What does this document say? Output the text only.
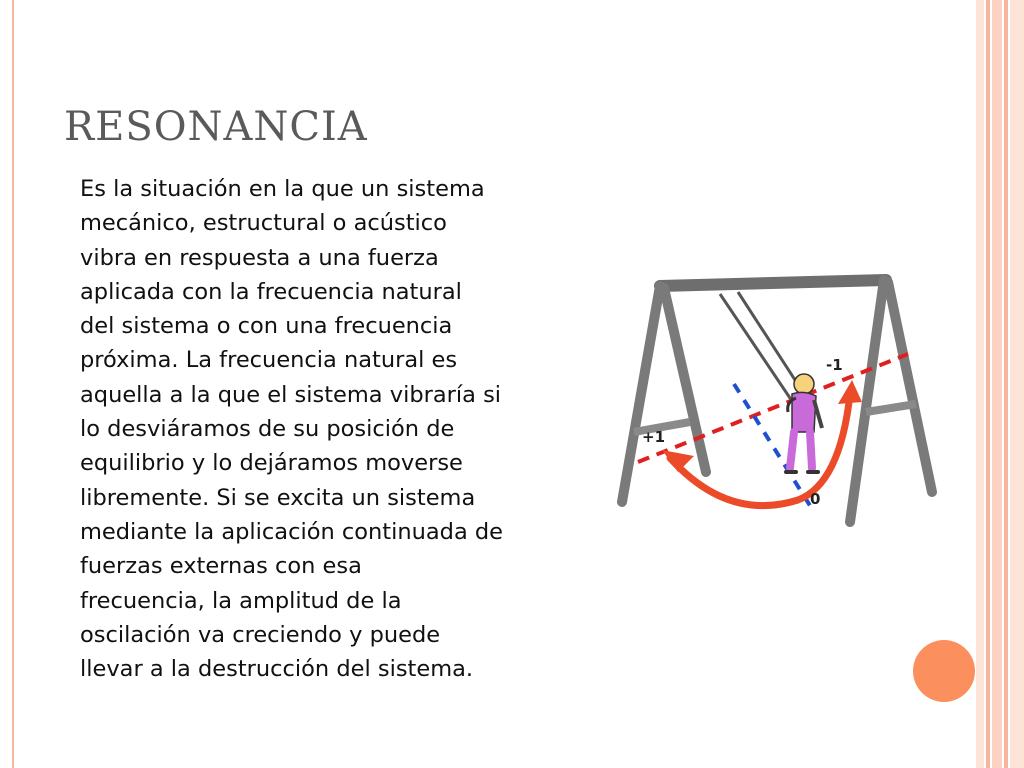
RESONANCIA

Es la situación en la que un sistema
mecánico, estructural o acústico
vibra en respuesta a una fuerza
aplicada con la frecuencia natural
del sistema o con una frecuencia
próxima. La frecuencia natural es
aquella a la que el sistema vibraría si
lo desviáramos de su posición de
equilibrio y lo dejáramos moverse
libremente. Si se excita un sistema
mediante la aplicación continuada de
fuerzas externas con esa
frecuencia, la amplitud de la
oscilación va creciendo y puede
llevar a la destrucción del sistema.

+1
-1
0
